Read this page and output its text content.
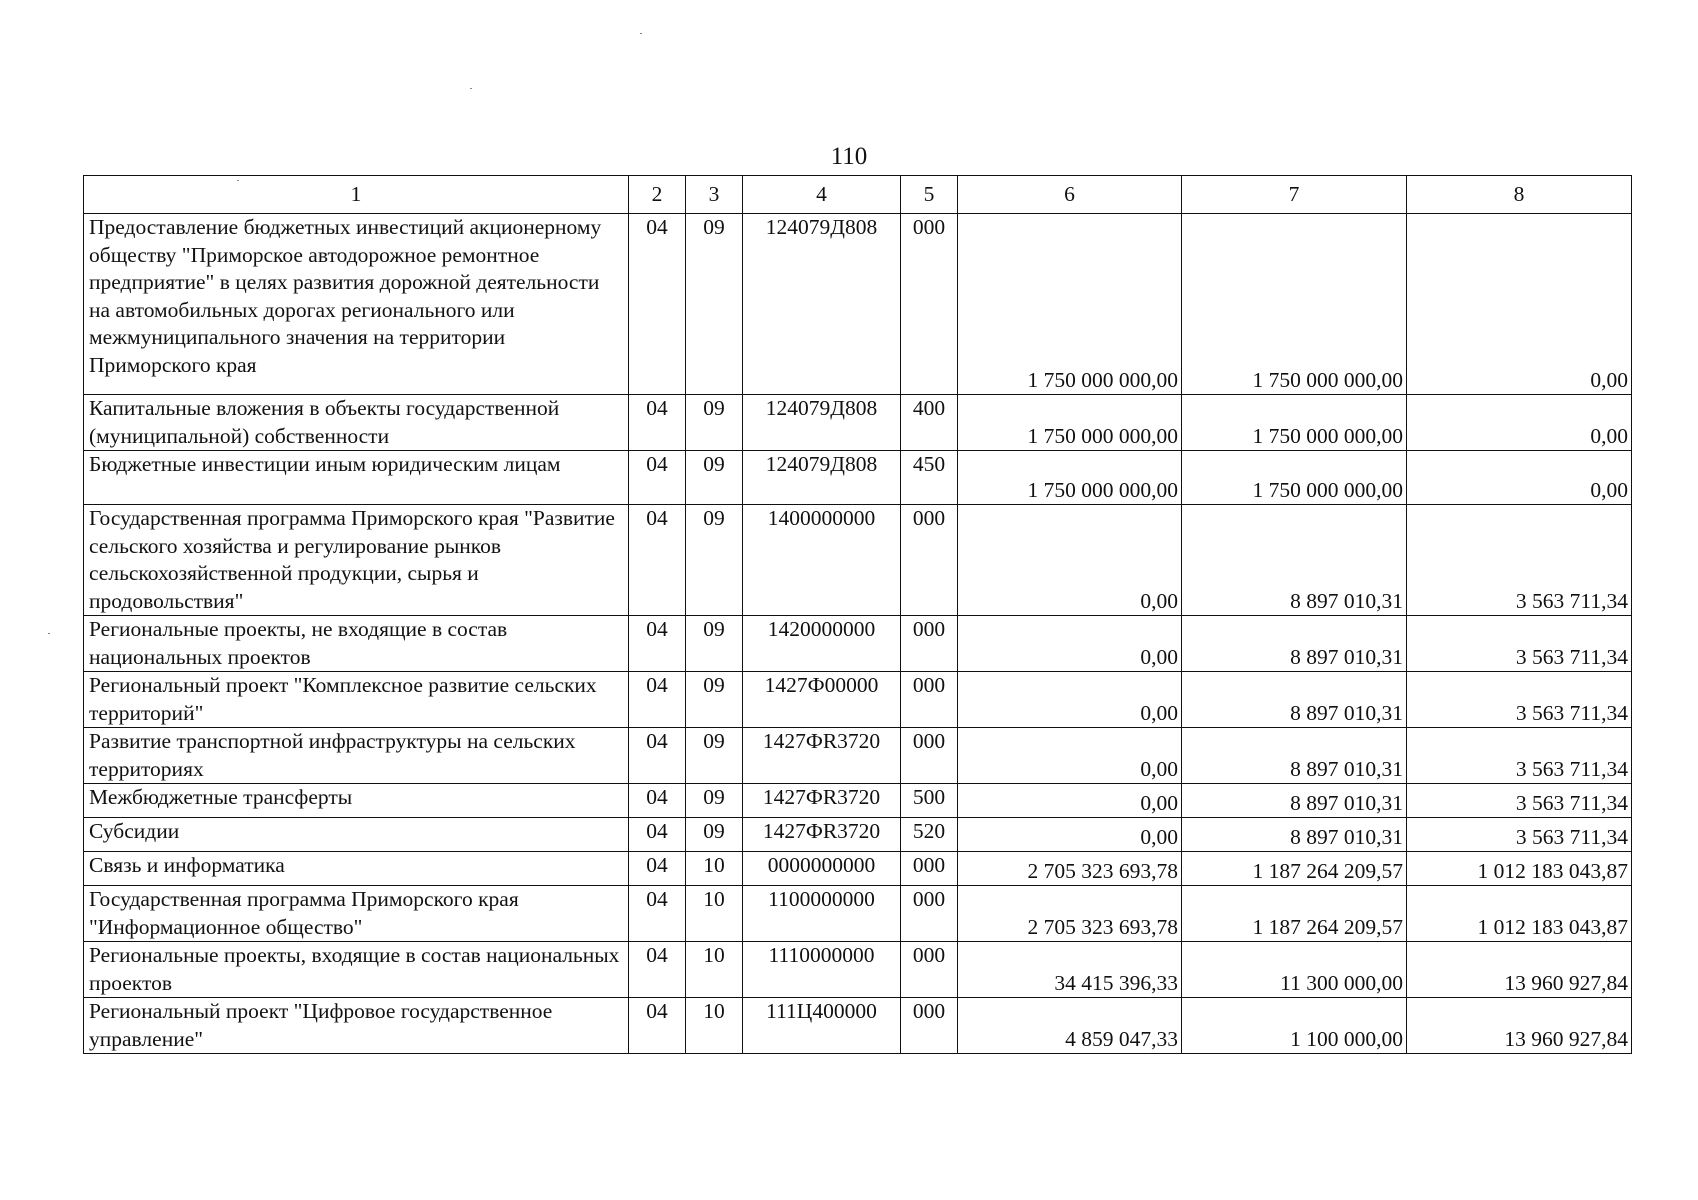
110
1	2	3	4	5	6	7	8
Предоставление бюджетных инвестиций акционерному обществу "Приморское автодорожное ремонтное предприятие" в целях развития дорожной деятельности на автомобильных дорогах регионального или межмуниципального значения на территории Приморского края	04	09	124079Д808	000	1 750 000 000,00	1 750 000 000,00	0,00
Капитальные вложения в объекты государственной (муниципальной) собственности	04	09	124079Д808	400	1 750 000 000,00	1 750 000 000,00	0,00
Бюджетные инвестиции иным юридическим лицам	04	09	124079Д808	450	1 750 000 000,00	1 750 000 000,00	0,00
Государственная программа Приморского края "Развитие сельского хозяйства и регулирование рынков сельскохозяйственной продукции, сырья и продовольствия"	04	09	1400000000	000	0,00	8 897 010,31	3 563 711,34
Региональные проекты, не входящие в состав национальных проектов	04	09	1420000000	000	0,00	8 897 010,31	3 563 711,34
Региональный проект "Комплексное развитие сельских территорий"	04	09	1427Ф00000	000	0,00	8 897 010,31	3 563 711,34
Развитие транспортной инфраструктуры на сельских территориях	04	09	1427ФR3720	000	0,00	8 897 010,31	3 563 711,34
Межбюджетные трансферты	04	09	1427ФR3720	500	0,00	8 897 010,31	3 563 711,34
Субсидии	04	09	1427ФR3720	520	0,00	8 897 010,31	3 563 711,34
Связь и информатика	04	10	0000000000	000	2 705 323 693,78	1 187 264 209,57	1 012 183 043,87
Государственная программа Приморского края "Информационное общество"	04	10	1100000000	000	2 705 323 693,78	1 187 264 209,57	1 012 183 043,87
Региональные проекты, входящие в состав национальных проектов	04	10	1110000000	000	34 415 396,33	11 300 000,00	13 960 927,84
Региональный проект "Цифровое государственное управление"	04	10	111Ц400000	000	4 859 047,33	1 100 000,00	13 960 927,84
